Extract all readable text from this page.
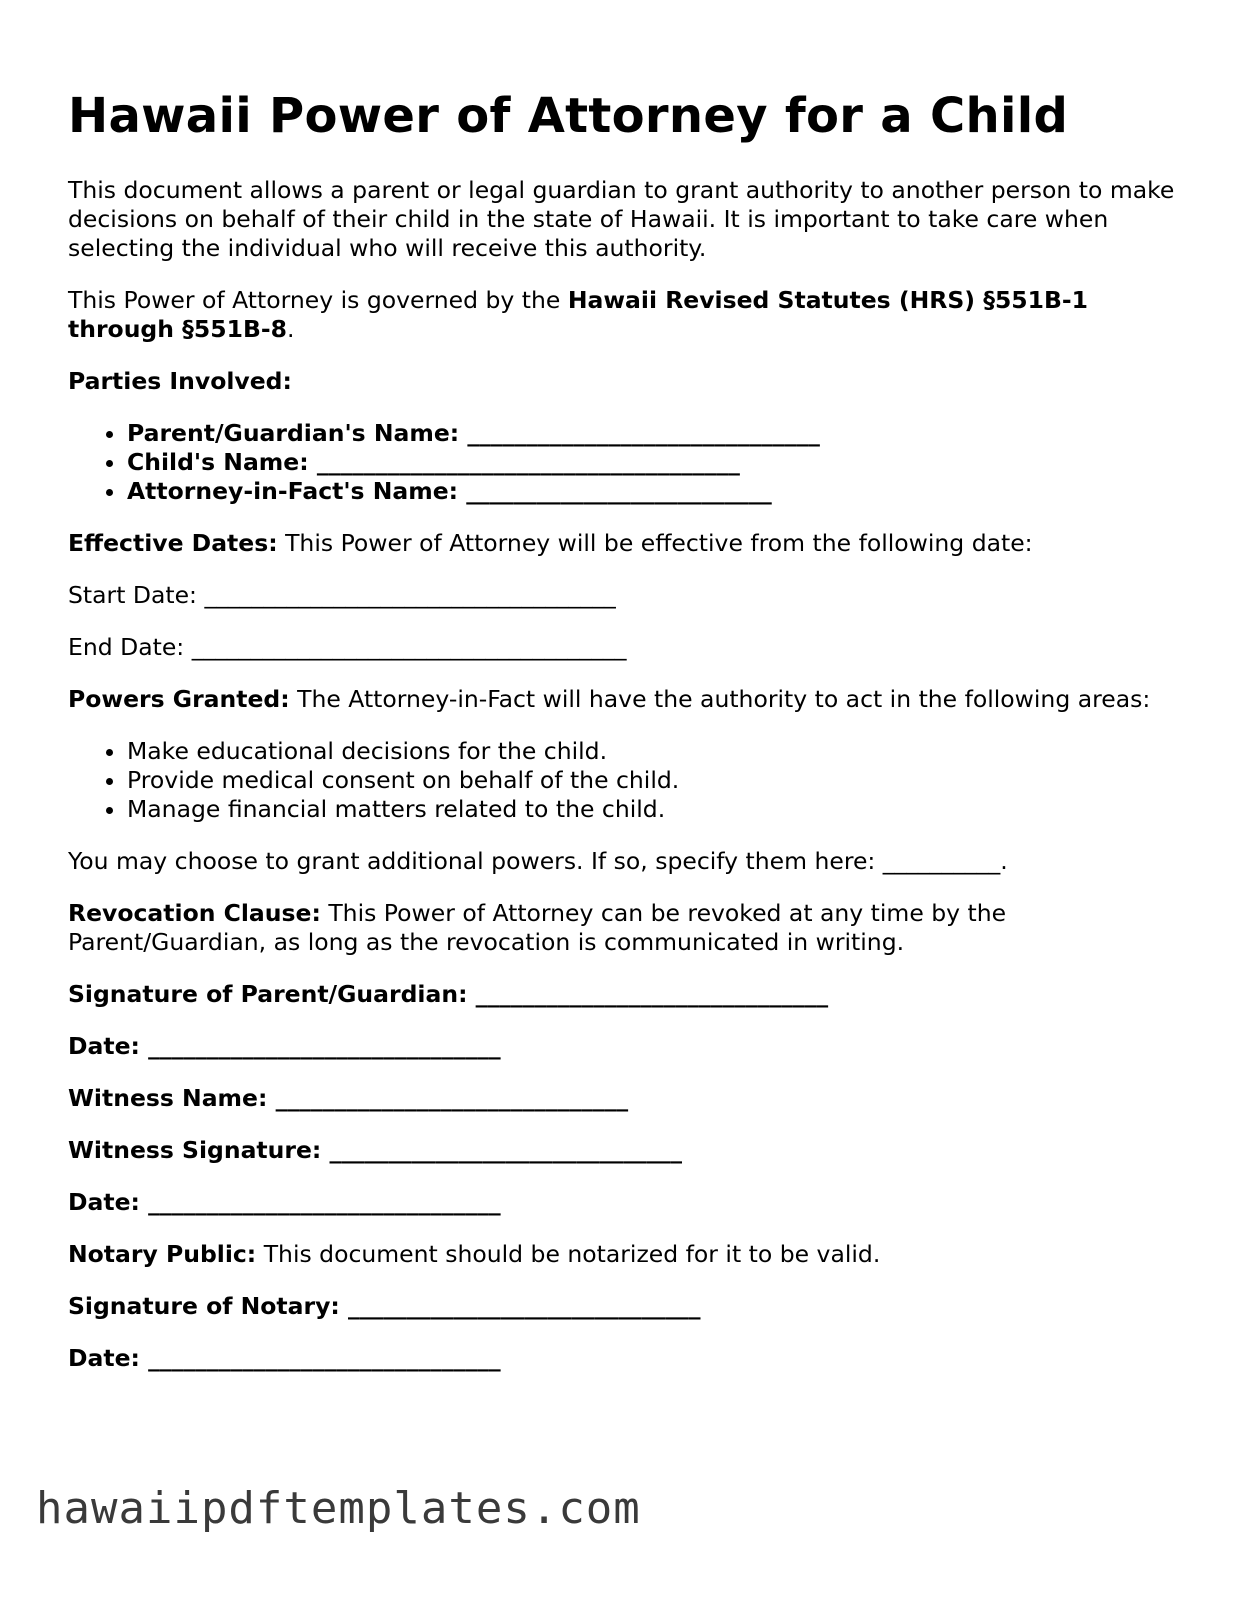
Hawaii Power of Attorney for a Child

This document allows a parent or legal guardian to grant authority to another person to make decisions on behalf of their child in the state of Hawaii. It is important to take care when selecting the individual who will receive this authority.

This Power of Attorney is governed by the Hawaii Revised Statutes (HRS) §551B-1 through §551B-8.

Parties Involved:

• Parent/Guardian's Name: ______________________________
• Child's Name: ____________________________________
• Attorney-in-Fact's Name: __________________________

Effective Dates: This Power of Attorney will be effective from the following date:

Start Date: ___________________________________

End Date: _____________________________________

Powers Granted: The Attorney-in-Fact will have the authority to act in the following areas:

• Make educational decisions for the child.
• Provide medical consent on behalf of the child.
• Manage financial matters related to the child.

You may choose to grant additional powers. If so, specify them here: __________.

Revocation Clause: This Power of Attorney can be revoked at any time by the Parent/Guardian, as long as the revocation is communicated in writing.

Signature of Parent/Guardian: ______________________________

Date: ______________________________

Witness Name: ______________________________

Witness Signature: ______________________________

Date: ______________________________

Notary Public: This document should be notarized for it to be valid.

Signature of Notary: ______________________________

Date: ______________________________

hawaiipdftemplates.com
